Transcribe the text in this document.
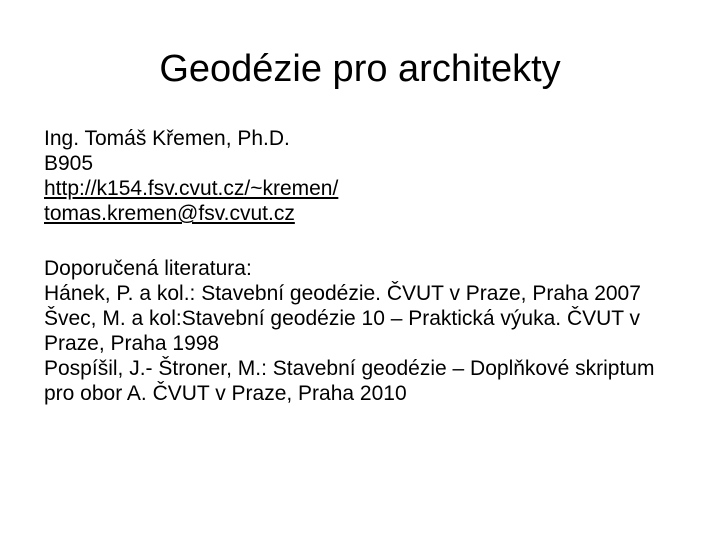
Geodézie pro architekty
Ing. Tomáš Křemen, Ph.D.
B905
http://k154.fsv.cvut.cz/~kremen/
tomas.kremen@fsv.cvut.cz
Doporučená literatura:
Hánek, P. a kol.: Stavební geodézie. ČVUT v Praze, Praha 2007
Švec, M. a kol:Stavební geodézie 10 – Praktická výuka. ČVUT v Praze, Praha 1998
Pospíšil, J.- Štroner, M.: Stavební geodézie – Doplňkové skriptum pro obor A. ČVUT v Praze, Praha 2010
